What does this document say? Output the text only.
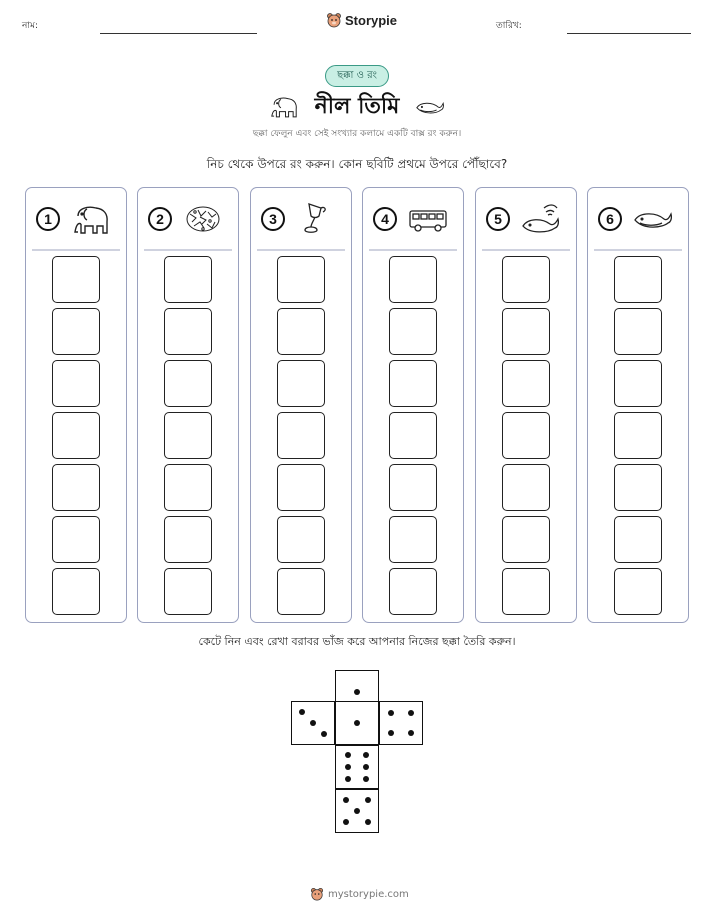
নাম:	Storypie	তারিখ:
ছক্কা ও রং
নীল তিমি
ছক্কা ফেলুন এবং সেই সংখ্যার কলামে একটি বাক্স রং করুন।
নিচ থেকে উপরে রং করুন। কোন ছবিটি প্রথমে উপরে পৌঁছাবে?
1	2	3	4	5	6
কেটে নিন এবং রেখা বরাবর ভাঁজ করে আপনার নিজের ছক্কা তৈরি করুন।
mystorypie.com
